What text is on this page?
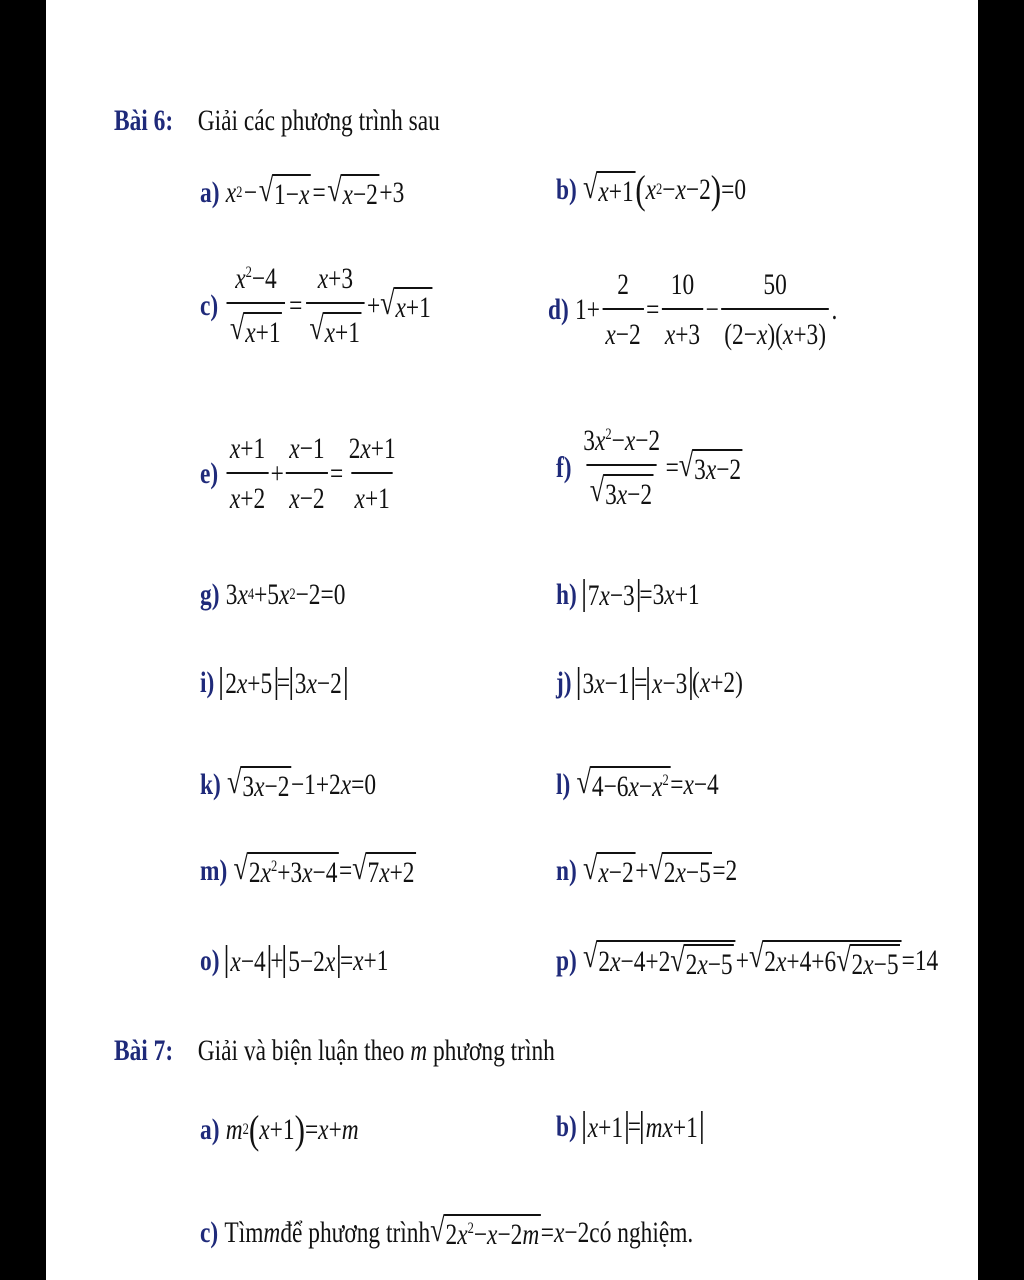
Bài 6: Giải các phương trình sau
a) x 2 − √ 1−x = √ x−2 +3	b) √ x+1 ( x 2 − x −2 ) =0
$c) \frac{x^2-4}{√ x+1} = \frac{x+3}{√ x+1}$ + √ x+1	d) $1+ \frac{2}{x-2} = \frac{10}{x+3} - \frac{50}{(2-x)(x+3)}$ .
$e) \frac{x+1}{x+2} + \frac{x-1}{x-2} = \frac{2x+1}{x+1}$	$f) \frac{3x^2-x-2}{√ 3x-2}$ = √ 3x−2
g) 3 x 4 +5 x 2 −2=0	h) 7x−3 =3 x +1
i) 2x+5 = 3x−2	j) 3x−1 = x−3 ( x +2)
k) √ 3x−2 −1+2 x =0	l) √ $4-6x-x^2 = x -4$
m) √ $2x^2+3x-4$ = √ 7x+2	n) √ x−2 + √ 2x−5 =2
o) x−4 + 5−2x = x +1	p) √ 2x−4+2 √ 2x−5 + √ 2x+4+6 √ 2x−5 =14
Bài 7: Giải và biện luận theo m phương trình
a) m 2 ( x +1 ) = x + m	b) x+1 = mx+1
c) Tìm m để phương trình √ $2x^2-x-2m = x -2$ có nghiệm.
